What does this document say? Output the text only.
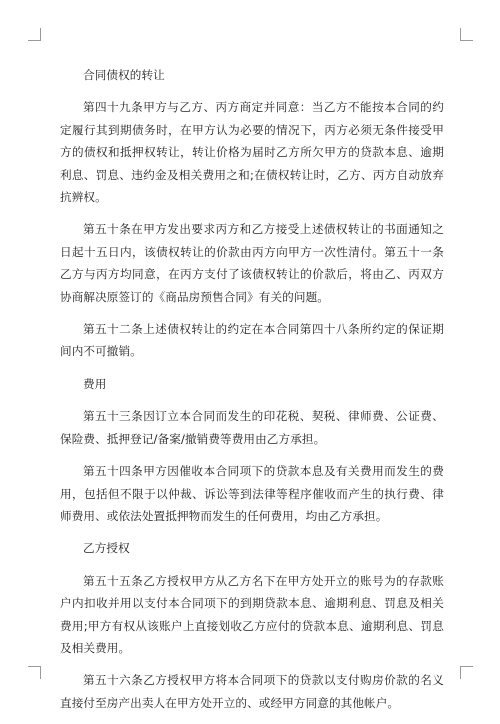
合同债权的转让

第四十九条甲方与乙方、丙方商定并同意：当乙方不能按本合同的约定履行其到期债务时，在甲方认为必要的情况下，丙方必须无条件接受甲方的债权和抵押权转让，转让价格为届时乙方所欠甲方的贷款本息、逾期利息、罚息、违约金及相关费用之和;在债权转让时，乙方、丙方自动放弃抗辨权。

第五十条在甲方发出要求丙方和乙方接受上述债权转让的书面通知之日起十五日内，该债权转让的价款由丙方向甲方一次性清付。第五十一条乙方与丙方均同意，在丙方支付了该债权转让的价款后，将由乙、丙双方协商解决原签订的《商品房预售合同》有关的问题。

第五十二条上述债权转让的约定在本合同第四十八条所约定的保证期间内不可撤销。

费用

第五十三条因订立本合同而发生的印花税、契税、律师费、公证费、保险费、抵押登记/备案/撤销费等费用由乙方承担。

第五十四条甲方因催收本合同项下的贷款本息及有关费用而发生的费用，包括但不限于以仲裁、诉讼等到法律等程序催收而产生的执行费、律师费用、或依法处置抵押物而发生的任何费用，均由乙方承担。

乙方授权

第五十五条乙方授权甲方从乙方名下在甲方处开立的账号为的存款账户内扣收并用以支付本合同项下的到期贷款本息、逾期利息、罚息及相关费用;甲方有权从该账户上直接划收乙方应付的贷款本息、逾期利息、罚息及相关费用。

第五十六条乙方授权甲方将本合同项下的贷款以支付购房价款的名义直接付至房产出卖人在甲方处开立的、或经甲方同意的其他帐户。
